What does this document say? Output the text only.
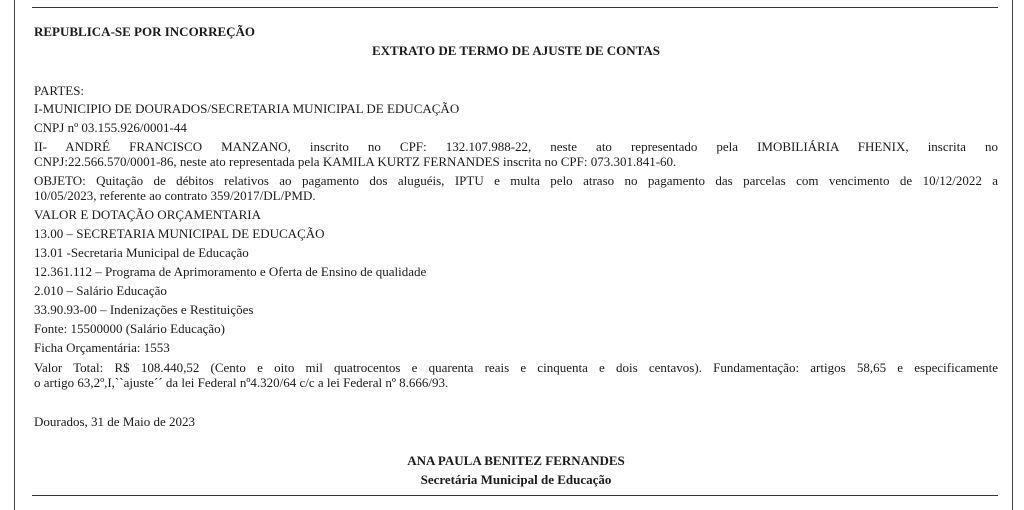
REPUBLICA-SE POR INCORREÇÃO
EXTRATO DE TERMO DE AJUSTE DE CONTAS
PARTES:
I-MUNICIPIO DE DOURADOS/SECRETARIA MUNICIPAL DE EDUCAÇÃO
CNPJ nº 03.155.926/0001-44
II- ANDRÉ FRANCISCO MANZANO, inscrito no CPF: 132.107.988-22, neste ato representado pela IMOBILIÁRIA FHENIX, inscrita no
CNPJ:22.566.570/0001-86, neste ato representada pela KAMILA KURTZ FERNANDES inscrita no CPF: 073.301.841-60.
OBJETO: Quitação de débitos relativos ao pagamento dos aluguéis, IPTU e multa pelo atraso no pagamento das parcelas com vencimento de 10/12/2022 a
10/05/2023, referente ao contrato 359/2017/DL/PMD.
VALOR E DOTAÇÃO ORÇAMENTARIA
13.00 – SECRETARIA MUNICIPAL DE EDUCAÇÃO
13.01 -Secretaria Municipal de Educação
12.361.112 – Programa de Aprimoramento e Oferta de Ensino de qualidade
2.010 – Salário Educação
33.90.93-00 – Indenizações e Restituições
Fonte: 15500000 (Salário Educação)
Ficha Orçamentária: 1553
Valor Total: R$ 108.440,52 (Cento e oito mil quatrocentos e quarenta reais e cinquenta e dois centavos). Fundamentação: artigos 58,65 e especificamente
o artigo 63,2º,I,``ajuste´´ da lei Federal nº4.320/64 c/c a lei Federal nº 8.666/93.
Dourados, 31 de Maio de 2023
ANA PAULA BENITEZ FERNANDES
Secretária Municipal de Educação
